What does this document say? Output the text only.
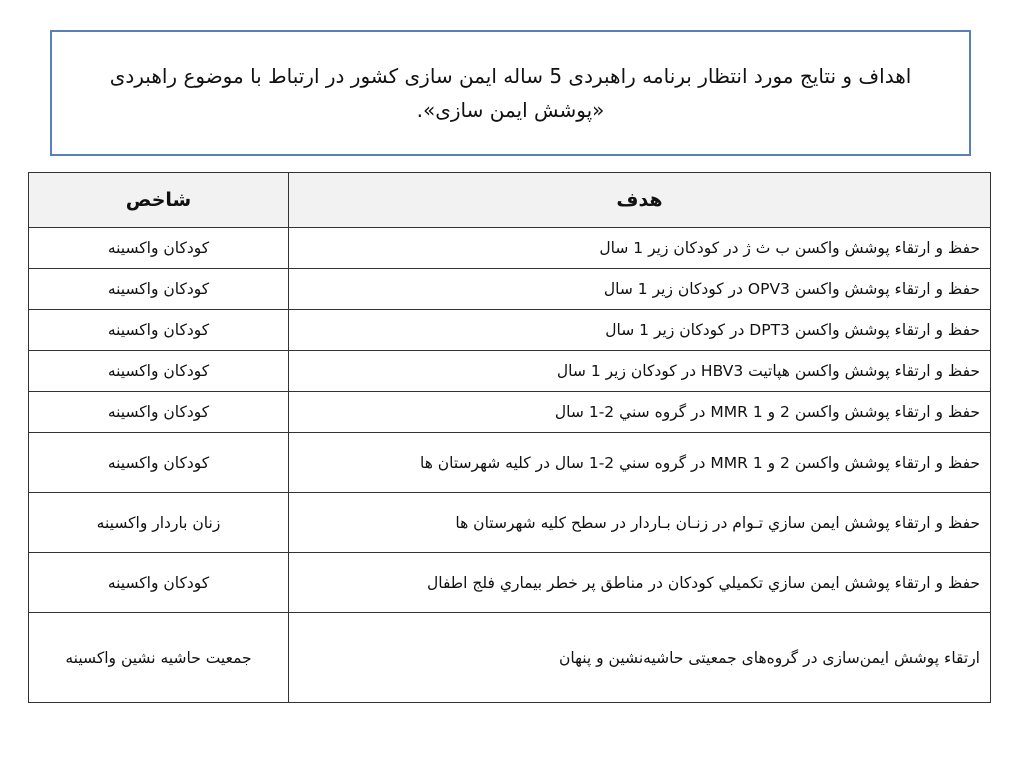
اهداف و نتایج مورد انتظار برنامه راهبردی 5 ساله ایمن سازی کشور در ارتباط با موضوع راهبردی «پوشش ایمن سازی».
هدف	شاخص
حفظ و ارتقاء پوشش واکسن ب ث ژ در کودکان زیر 1 سال	کودکان واکسینه
حفظ و ارتقاء پوشش واکسن OPV3 در کودکان زیر 1 سال	کودکان واکسینه
حفظ و ارتقاء پوشش واکسن DPT3 در کودکان زیر 1 سال	کودکان واکسینه
حفظ و ارتقاء پوشش واکسن هپاتیت HBV3 در کودکان زیر 1 سال	کودکان واکسینه
حفظ و ارتقاء پوشش واكسن 2 و MMR 1 در گروه سني 2-1 سال	کودکان واکسینه
حفظ و ارتقاء پوشش واكسن 2 و MMR 1 در گروه سني 2-1 سال در کلیه شهرستان ها	کودکان واکسینه
حفظ و ارتقاء پوشش ايمن سازي تـوام در زنـان بـاردار در سطح کلیه شهرستان ها	زنان باردار واکسینه
حفظ و ارتقاء پوشش ايمن سازي تكميلي كودكان در مناطق پر خطر بيماري فلج اطفال	کودکان واکسینه
ارتقاء پوشش ایمن‌سازی در گروه‌های جمعیتی حاشیه‌نشین و پنهان	جمعیت حاشیه نشین واکسینه
